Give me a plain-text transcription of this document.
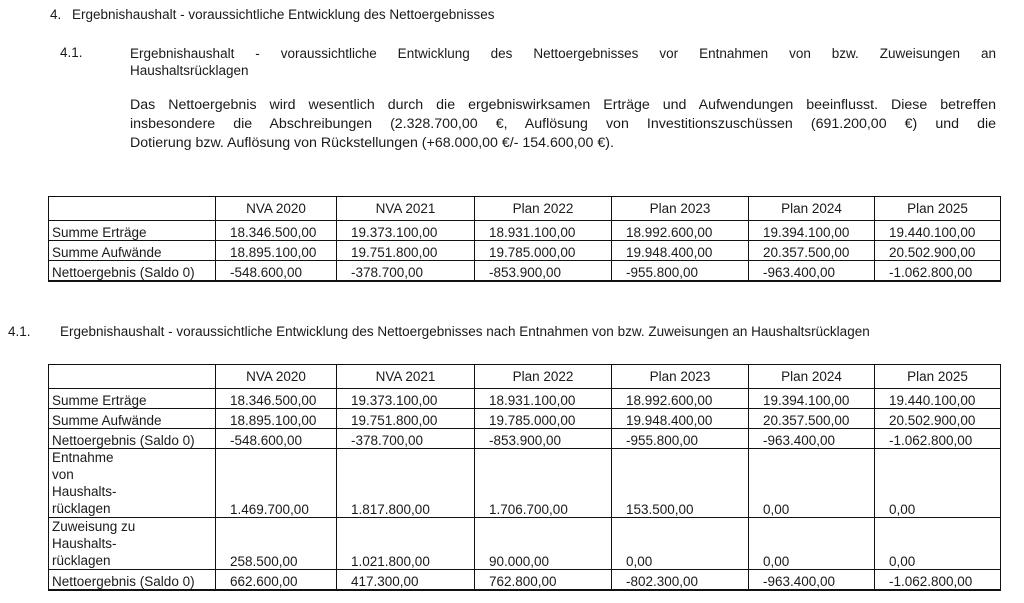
4. Ergebnishaushalt - voraussichtliche Entwicklung des Nettoergebnisses
4.1.	Ergebnishaushalt - voraussichtliche Entwicklung des Nettoergebnisses vor Entnahmen von bzw. Zuweisungen an
Haushaltsrücklagen
Das Nettoergebnis wird wesentlich durch die ergebniswirksamen Erträge und Aufwendungen beeinflusst. Diese betreffen
insbesondere die Abschreibungen (2.328.700,00 €, Auflösung von Investitionszuschüssen (691.200,00 €) und die
Dotierung bzw. Auflösung von Rückstellungen (+68.000,00 €/- 154.600,00 €).
	NVA 2020	NVA 2021	Plan 2022	Plan 2023	Plan 2024	Plan 2025
Summe Erträge	18.346.500,00	19.373.100,00	18.931.100,00	18.992.600,00	19.394.100,00	19.440.100,00
Summe Aufwände	18.895.100,00	19.751.800,00	19.785.000,00	19.948.400,00	20.357.500,00	20.502.900,00
Nettoergebnis (Saldo 0)	-548.600,00	-378.700,00	-853.900,00	-955.800,00	-963.400,00	-1.062.800,00
4.1. Ergebnishaushalt - voraussichtliche Entwicklung des Nettoergebnisses nach Entnahmen von bzw. Zuweisungen an Haushaltsrücklagen
	NVA 2020	NVA 2021	Plan 2022	Plan 2023	Plan 2024	Plan 2025
Summe Erträge	18.346.500,00	19.373.100,00	18.931.100,00	18.992.600,00	19.394.100,00	19.440.100,00
Summe Aufwände	18.895.100,00	19.751.800,00	19.785.000,00	19.948.400,00	20.357.500,00	20.502.900,00
Nettoergebnis (Saldo 0)	-548.600,00	-378.700,00	-853.900,00	-955.800,00	-963.400,00	-1.062.800,00

Entnahme von Haushalts-rücklagen	1.469.700,00	1.817.800,00	1.706.700,00	153.500,00	0,00	0,00

Zuweisung zu Haushalts-rücklagen	258.500,00	1.021.800,00	90.000,00	0,00	0,00	0,00
Nettoergebnis (Saldo 0)	662.600,00	417.300,00	762.800,00	-802.300,00	-963.400,00	-1.062.800,00
